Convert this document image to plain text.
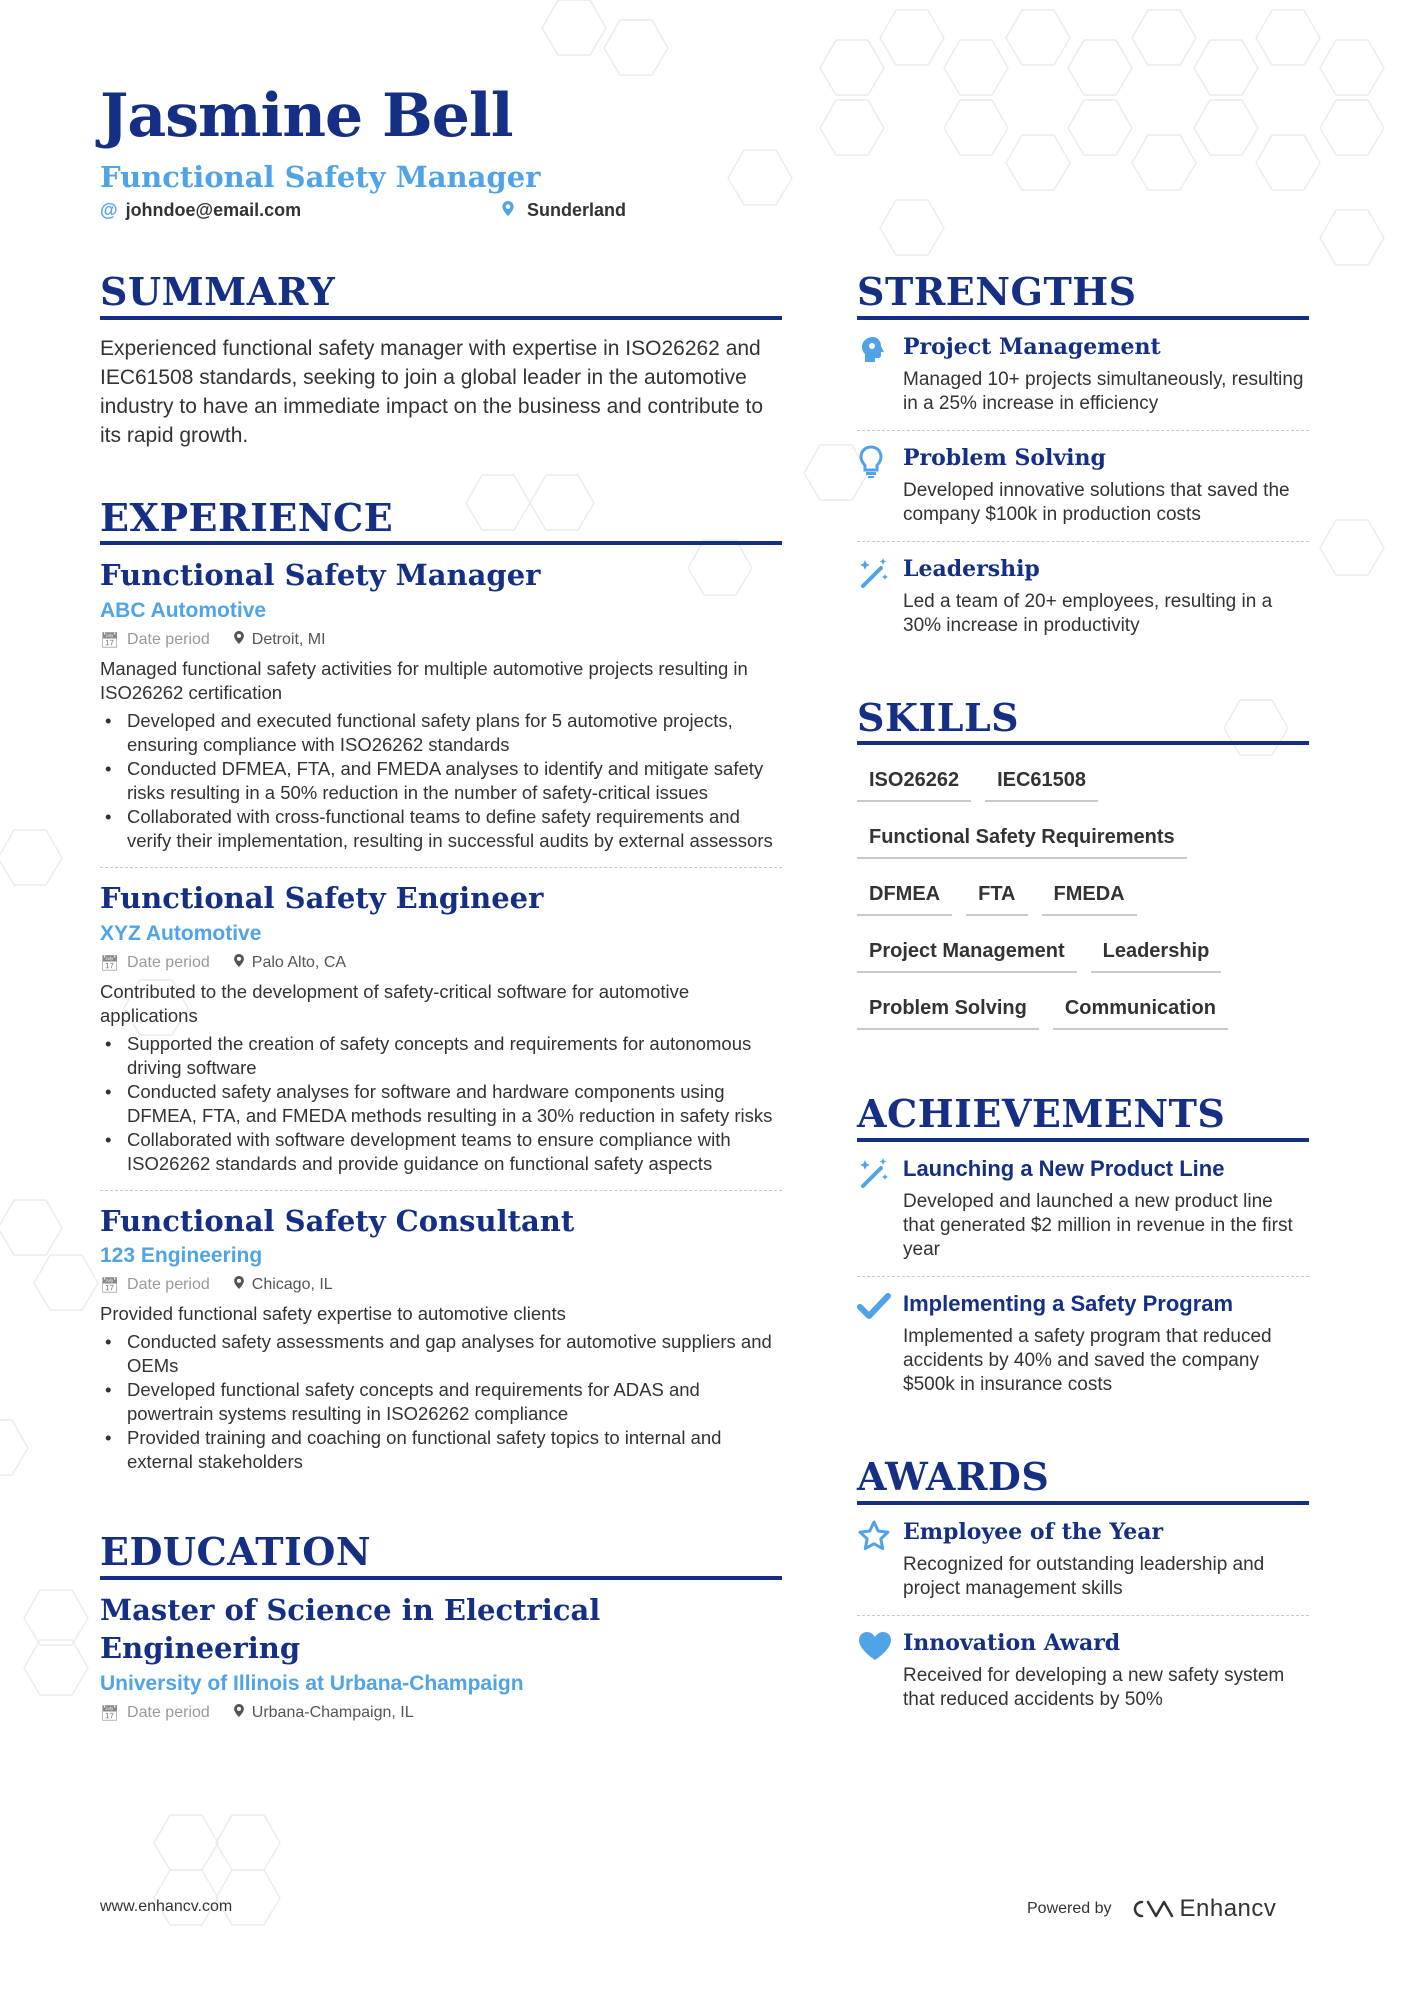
Jasmine Bell
Functional Safety Manager
@ johndoe@email.com	Sunderland
SUMMARY

Experienced functional safety manager with expertise in ISO26262 and IEC61508 standards, seeking to join a global leader in the automotive industry to have an immediate impact on the business and contribute to its rapid growth.

EXPERIENCE
Functional Safety Manager
ABC Automotive
📅︎ Date period	Detroit, MI
Managed functional safety activities for multiple automotive projects resulting in ISO26262 certification
• Developed and executed functional safety plans for 5 automotive projects, ensuring compliance with ISO26262 standards
• Conducted DFMEA, FTA, and FMEDA analyses to identify and mitigate safety risks resulting in a 50% reduction in the number of safety-critical issues
• Collaborated with cross-functional teams to define safety requirements and verify their implementation, resulting in successful audits by external assessors
Functional Safety Engineer
XYZ Automotive
📅︎ Date period	Palo Alto, CA
Contributed to the development of safety-critical software for automotive applications
• Supported the creation of safety concepts and requirements for autonomous driving software
• Conducted safety analyses for software and hardware components using DFMEA, FTA, and FMEDA methods resulting in a 30% reduction in safety risks
• Collaborated with software development teams to ensure compliance with ISO26262 standards and provide guidance on functional safety aspects
Functional Safety Consultant
123 Engineering
📅︎ Date period	Chicago, IL
Provided functional safety expertise to automotive clients
• Conducted safety assessments and gap analyses for automotive suppliers and OEMs
• Developed functional safety concepts and requirements for ADAS and powertrain systems resulting in ISO26262 compliance
• Provided training and coaching on functional safety topics to internal and external stakeholders
EDUCATION
Master of Science in Electrical Engineering
University of Illinois at Urbana-Champaign
📅︎ Date period	Urbana-Champaign, IL
STRENGTHS
Project Management
Managed 10+ projects simultaneously, resulting in a 25% increase in efficiency
Problem Solving
Developed innovative solutions that saved the company $100k in production costs
Leadership
Led a team of 20+ employees, resulting in a 30% increase in productivity
SKILLS
ISO26262	IEC61508
Functional Safety Requirements
DFMEA	FTA	FMEDA
Project Management	Leadership
Problem Solving	Communication
ACHIEVEMENTS
Launching a New Product Line
Developed and launched a new product line that generated $2 million in revenue in the first year
Implementing a Safety Program
Implemented a safety program that reduced accidents by 40% and saved the company $500k in insurance costs
AWARDS
Employee of the Year
Recognized for outstanding leadership and project management skills
Innovation Award
Received for developing a new safety system that reduced accidents by 50%
www.enhancv.com	Powered by	Enhancv
